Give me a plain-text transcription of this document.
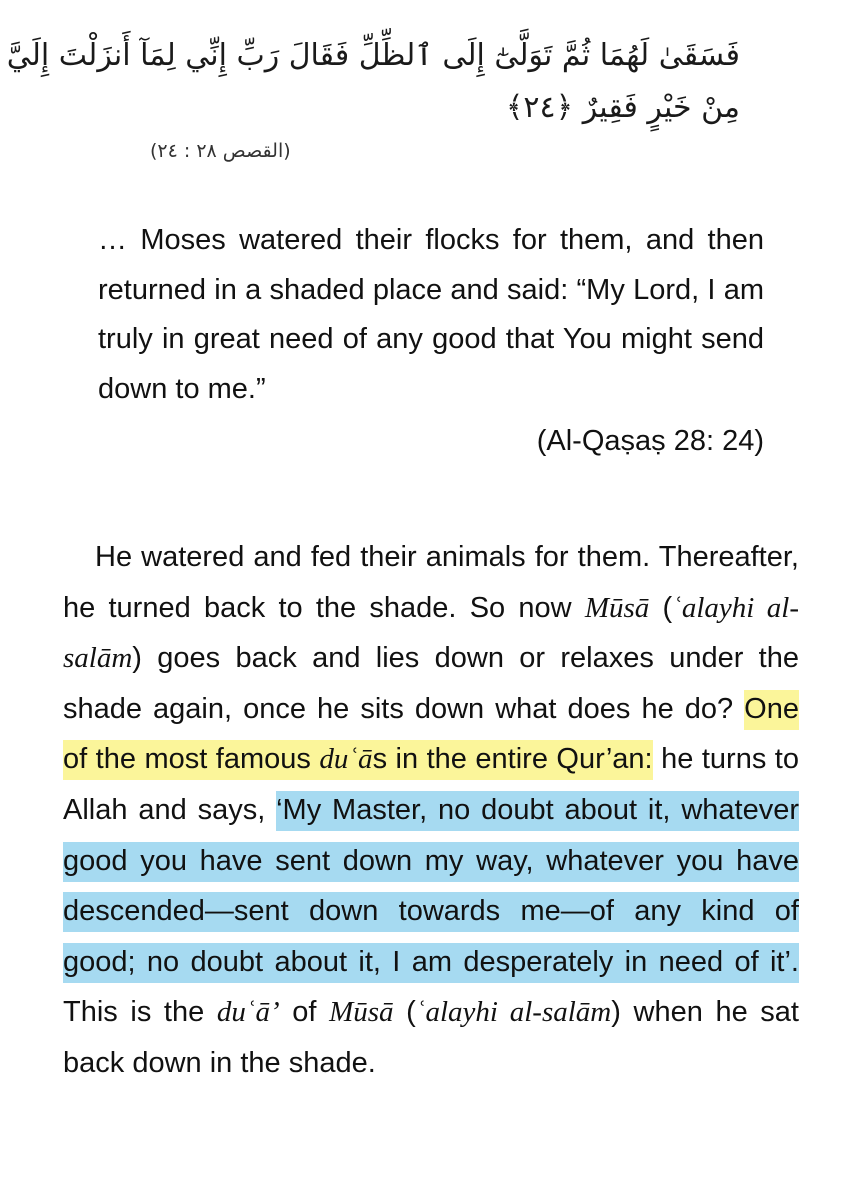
فَسَقَىٰ لَهُمَا ثُمَّ تَوَلَّىٰٓ إِلَى ٱلظِّلِّ فَقَالَ رَبِّ إِنِّي لِمَآ أَنزَلْتَ إِلَيَّ
مِنْ خَيْرٍ فَقِيرٌ ﴿٢٤﴾
(القصص ٢٨ : ٢٤)
… Moses watered their flocks for them, and then returned in a shaded place and said: “My Lord, I am truly in great need of any good that You might send down to me.”
(Al-Qaṣaṣ 28: 24)
He watered and fed their animals for them. Thereafter, he turned back to the shade. So now Mūsā (ʿalayhi al-salām) goes back and lies down or relaxes under the shade again, once he sits down what does he do? One of the most famous duʿās in the entire Qur’an: he turns to Allah and says, ‘My Master, no doubt about it, whatever good you have sent down my way, whatever you have descended—sent down towards me—of any kind of good; no doubt about it, I am desperately in need of it’. This is the duʿā’ of Mūsā (ʿalayhi al-salām) when he sat back down in the shade.
